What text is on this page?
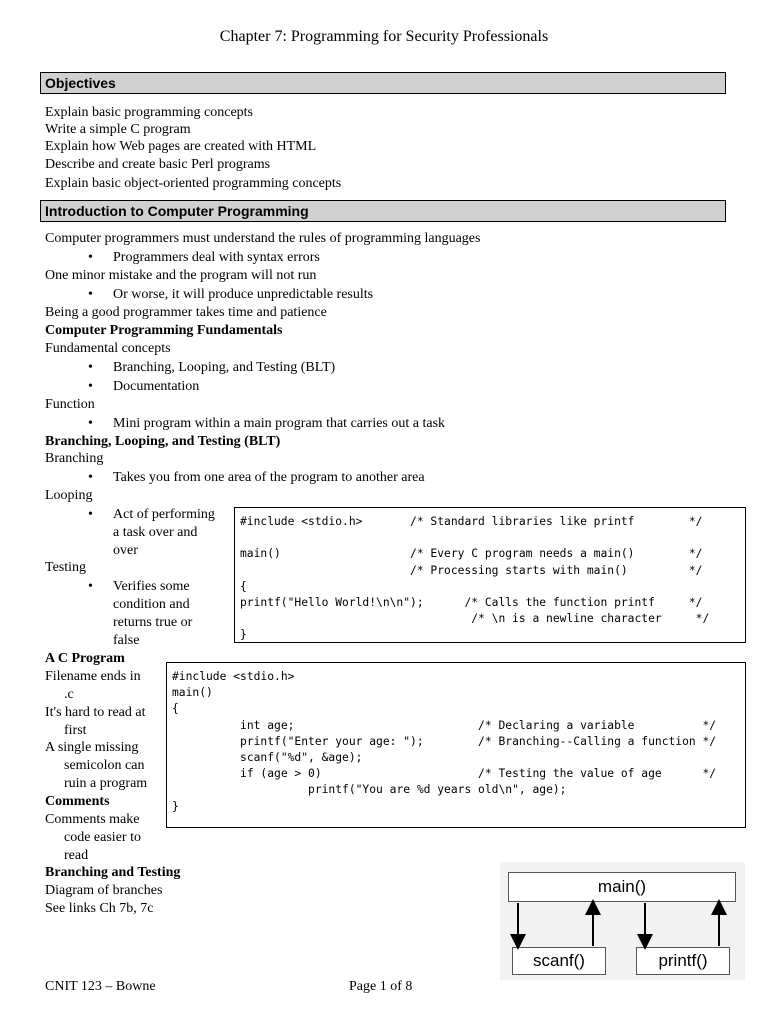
Chapter 7: Programming for Security Professionals
Objectives
Explain basic programming concepts
Write a simple C program
Explain how Web pages are created with HTML
Describe and create basic Perl programs
Explain basic object-oriented programming concepts
Introduction to Computer Programming
Computer programmers must understand the rules of programming languages
• Programmers deal with syntax errors
One minor mistake and the program will not run
• Or worse, it will produce unpredictable results
Being a good programmer takes time and patience
Computer Programming Fundamentals
Fundamental concepts
• Branching, Looping, and Testing (BLT)
• Documentation
Function
• Mini program within a main program that carries out a task
Branching, Looping, and Testing (BLT)
Branching
• Takes you from one area of the program to another area
Looping
• Act of performing
a task over and
over
Testing
• Verifies some
condition and
returns true or
false
A C Program
Filename ends in
.c
It's hard to read at
first
A single missing
semicolon can
ruin a program
Comments
Comments make
code easier to
read
Branching and Testing
Diagram of branches
See links Ch 7b, 7c
#include <stdio.h>       /* Standard libraries like printf        */

main()                   /* Every C program needs a main()        */
/* Processing starts with main()         */
{
printf("Hello World!\n\n");      /* Calls the function printf     */
/* \n is a newline character     */
}
#include <stdio.h>
main()
{
int age;                           /* Declaring a variable          */
printf("Enter your age: ");        /* Branching--Calling a function */
scanf("%d", &age);
if (age > 0)                       /* Testing the value of age      */
printf("You are %d years old\n", age);
}
main()
scanf()	printf()
CNIT 123 – Bowne	Page 1 of 8
